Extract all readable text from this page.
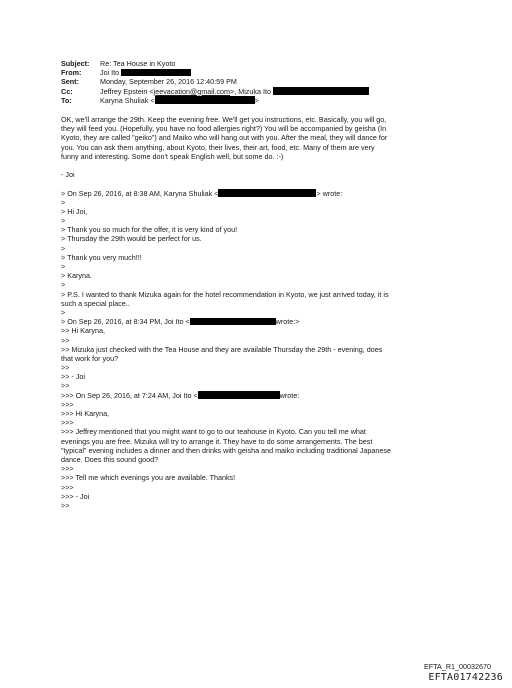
Subject:	Re: Tea House in Kyoto
From:	Joi Ito
Sent:	Monday, September 26, 2016 12:40:59 PM
Cc:	Jeffrey Epstein <jeevacation@gmail.com>, Mizuka Ito
To:	Karyna Shuliak <	>
OK, we'll arrange the 29th. Keep the evening free. We'll get you instructions, etc. Basically, you will go,
they will feed you. (Hopefully, you have no food allergies right?) You will be accompanied by geisha (In
Kyoto, they are called "geiko") and Maiko who will hang out with you. After the meal, they will dance for
you. You can ask them anything, about Kyoto, their lives, their art, food, etc. Many of them are very
funny and interesting. Some don't speak English well, but some do. :-)
- Joi
> On Sep 26, 2016, at 8:38 AM, Karyna Shuliak <	> wrote:
>
> Hi Joi,
>
> Thank you so much for the offer, it is very kind of you!
> Thursday the 29th would be perfect for us.
>
> Thank you very much!!!
>
> Karyna.
>
> P.S. I wanted to thank Mizuka again for the hotel recommendation in Kyoto, we just arrived today, it is
such a special place..
>
> On Sep 26, 2016, at 8:34 PM, Joi Ito <	wrote:>
>> Hi Karyna,
>>
>> Mizuka just checked with the Tea House and they are available Thursday the 29th - evening, does
that work for you?
>>
>> - Joi
>>
>>> On Sep 26, 2016, at 7:24 AM, Joi Ito <	wrote:
>>>
>>> Hi Karyna,
>>>
>>> Jeffrey mentioned that you might want to go to our teahouse in Kyoto. Can you tell me what
evenings you are free. Mizuka will try to arrange it. They have to do some arrangements. The best
"typical" evening includes a dinner and then drinks with geisha and maiko including traditional Japanese
dance. Does this sound good?
>>>
>>> Tell me which evenings you are available. Thanks!
>>>
>>> - Joi
>>
EFTA_R1_00032670
EFTA01742236
